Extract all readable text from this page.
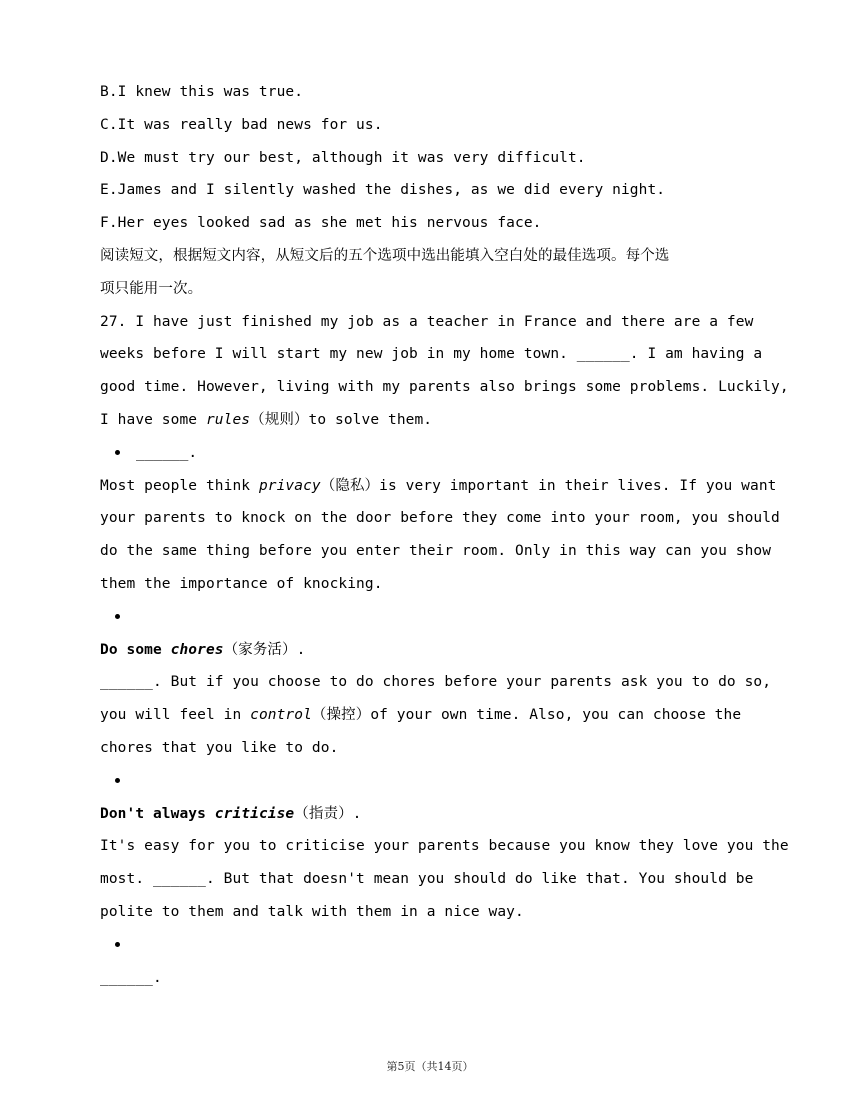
B.I knew this was true.
C.It was really bad news for us.
D.We must try our best, although it was very difficult.
E.James and I silently washed the dishes, as we did every night.
F.Her eyes looked sad as she met his nervous face.
阅读短文，根据短文内容，从短文后的五个选项中选出能填入空白处的最佳选项。每个选
项只能用一次。
27. I have just finished my job as a teacher in France and there are a few
weeks before I will start my new job in my home town. ______. I am having a
good time. However, living with my parents also brings some problems. Luckily,
I have some rules（规则）to solve them.
______.
Most people think privacy（隐私）is very important in their lives. If you want
your parents to knock on the door before they come into your room, you should
do the same thing before you enter their room. Only in this way can you show
them the importance of knocking.
Do some chores（家务活）.
______. But if you choose to do chores before your parents ask you to do so,
you will feel in control（操控）of your own time. Also, you can choose the
chores that you like to do.
Don't always criticise（指责）.
It's easy for you to criticise your parents because you know they love you the
most. ______. But that doesn't mean you should do like that. You should be
polite to them and talk with them in a nice way.
______.
第5页（共14页）
